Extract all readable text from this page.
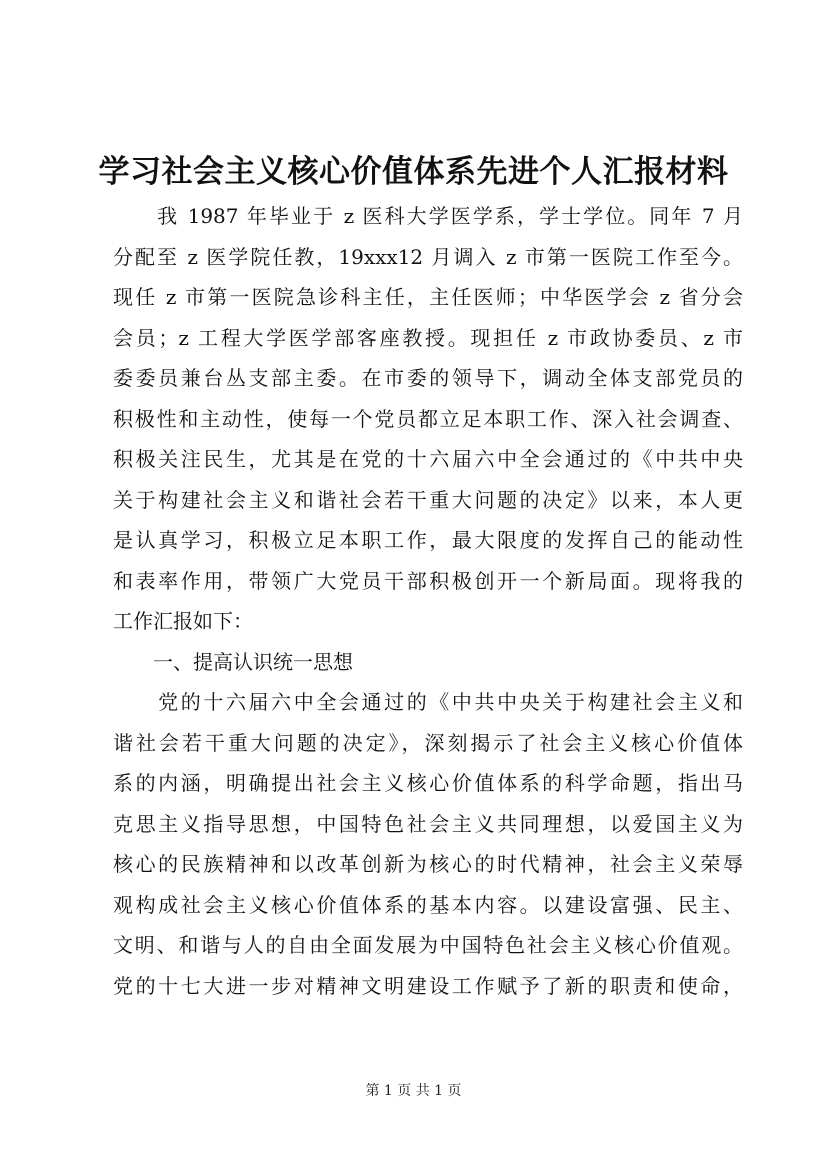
学习社会主义核心价值体系先进个人汇报材料
　　我 1987 年毕业于 z 医科大学医学系，学士学位。同年 7 月
分配至 z 医学院任教，19xxx12 月调入 z 市第一医院工作至今。
现任 z 市第一医院急诊科主任，主任医师；中华医学会 z 省分会
会员；z 工程大学医学部客座教授。现担任 z 市政协委员、z 市
委委员兼台丛支部主委。在市委的领导下，调动全体支部党员的
积极性和主动性，使每一个党员都立足本职工作、深入社会调查、
积极关注民生，尤其是在党的十六届六中全会通过的《中共中央
关于构建社会主义和谐社会若干重大问题的决定》以来，本人更
是认真学习，积极立足本职工作，最大限度的发挥自己的能动性
和表率作用，带领广大党员干部积极创开一个新局面。现将我的
工作汇报如下：
　　一、提高认识统一思想
　　党的十六届六中全会通过的《中共中央关于构建社会主义和
谐社会若干重大问题的决定》，深刻揭示了社会主义核心价值体
系的内涵，明确提出社会主义核心价值体系的科学命题，指出马
克思主义指导思想，中国特色社会主义共同理想，以爱国主义为
核心的民族精神和以改革创新为核心的时代精神，社会主义荣辱
观构成社会主义核心价值体系的基本内容。以建设富强、民主、
文明、和谐与人的自由全面发展为中国特色社会主义核心价值观。
党的十七大进一步对精神文明建设工作赋予了新的职责和使命，
第 1 页 共 1 页
